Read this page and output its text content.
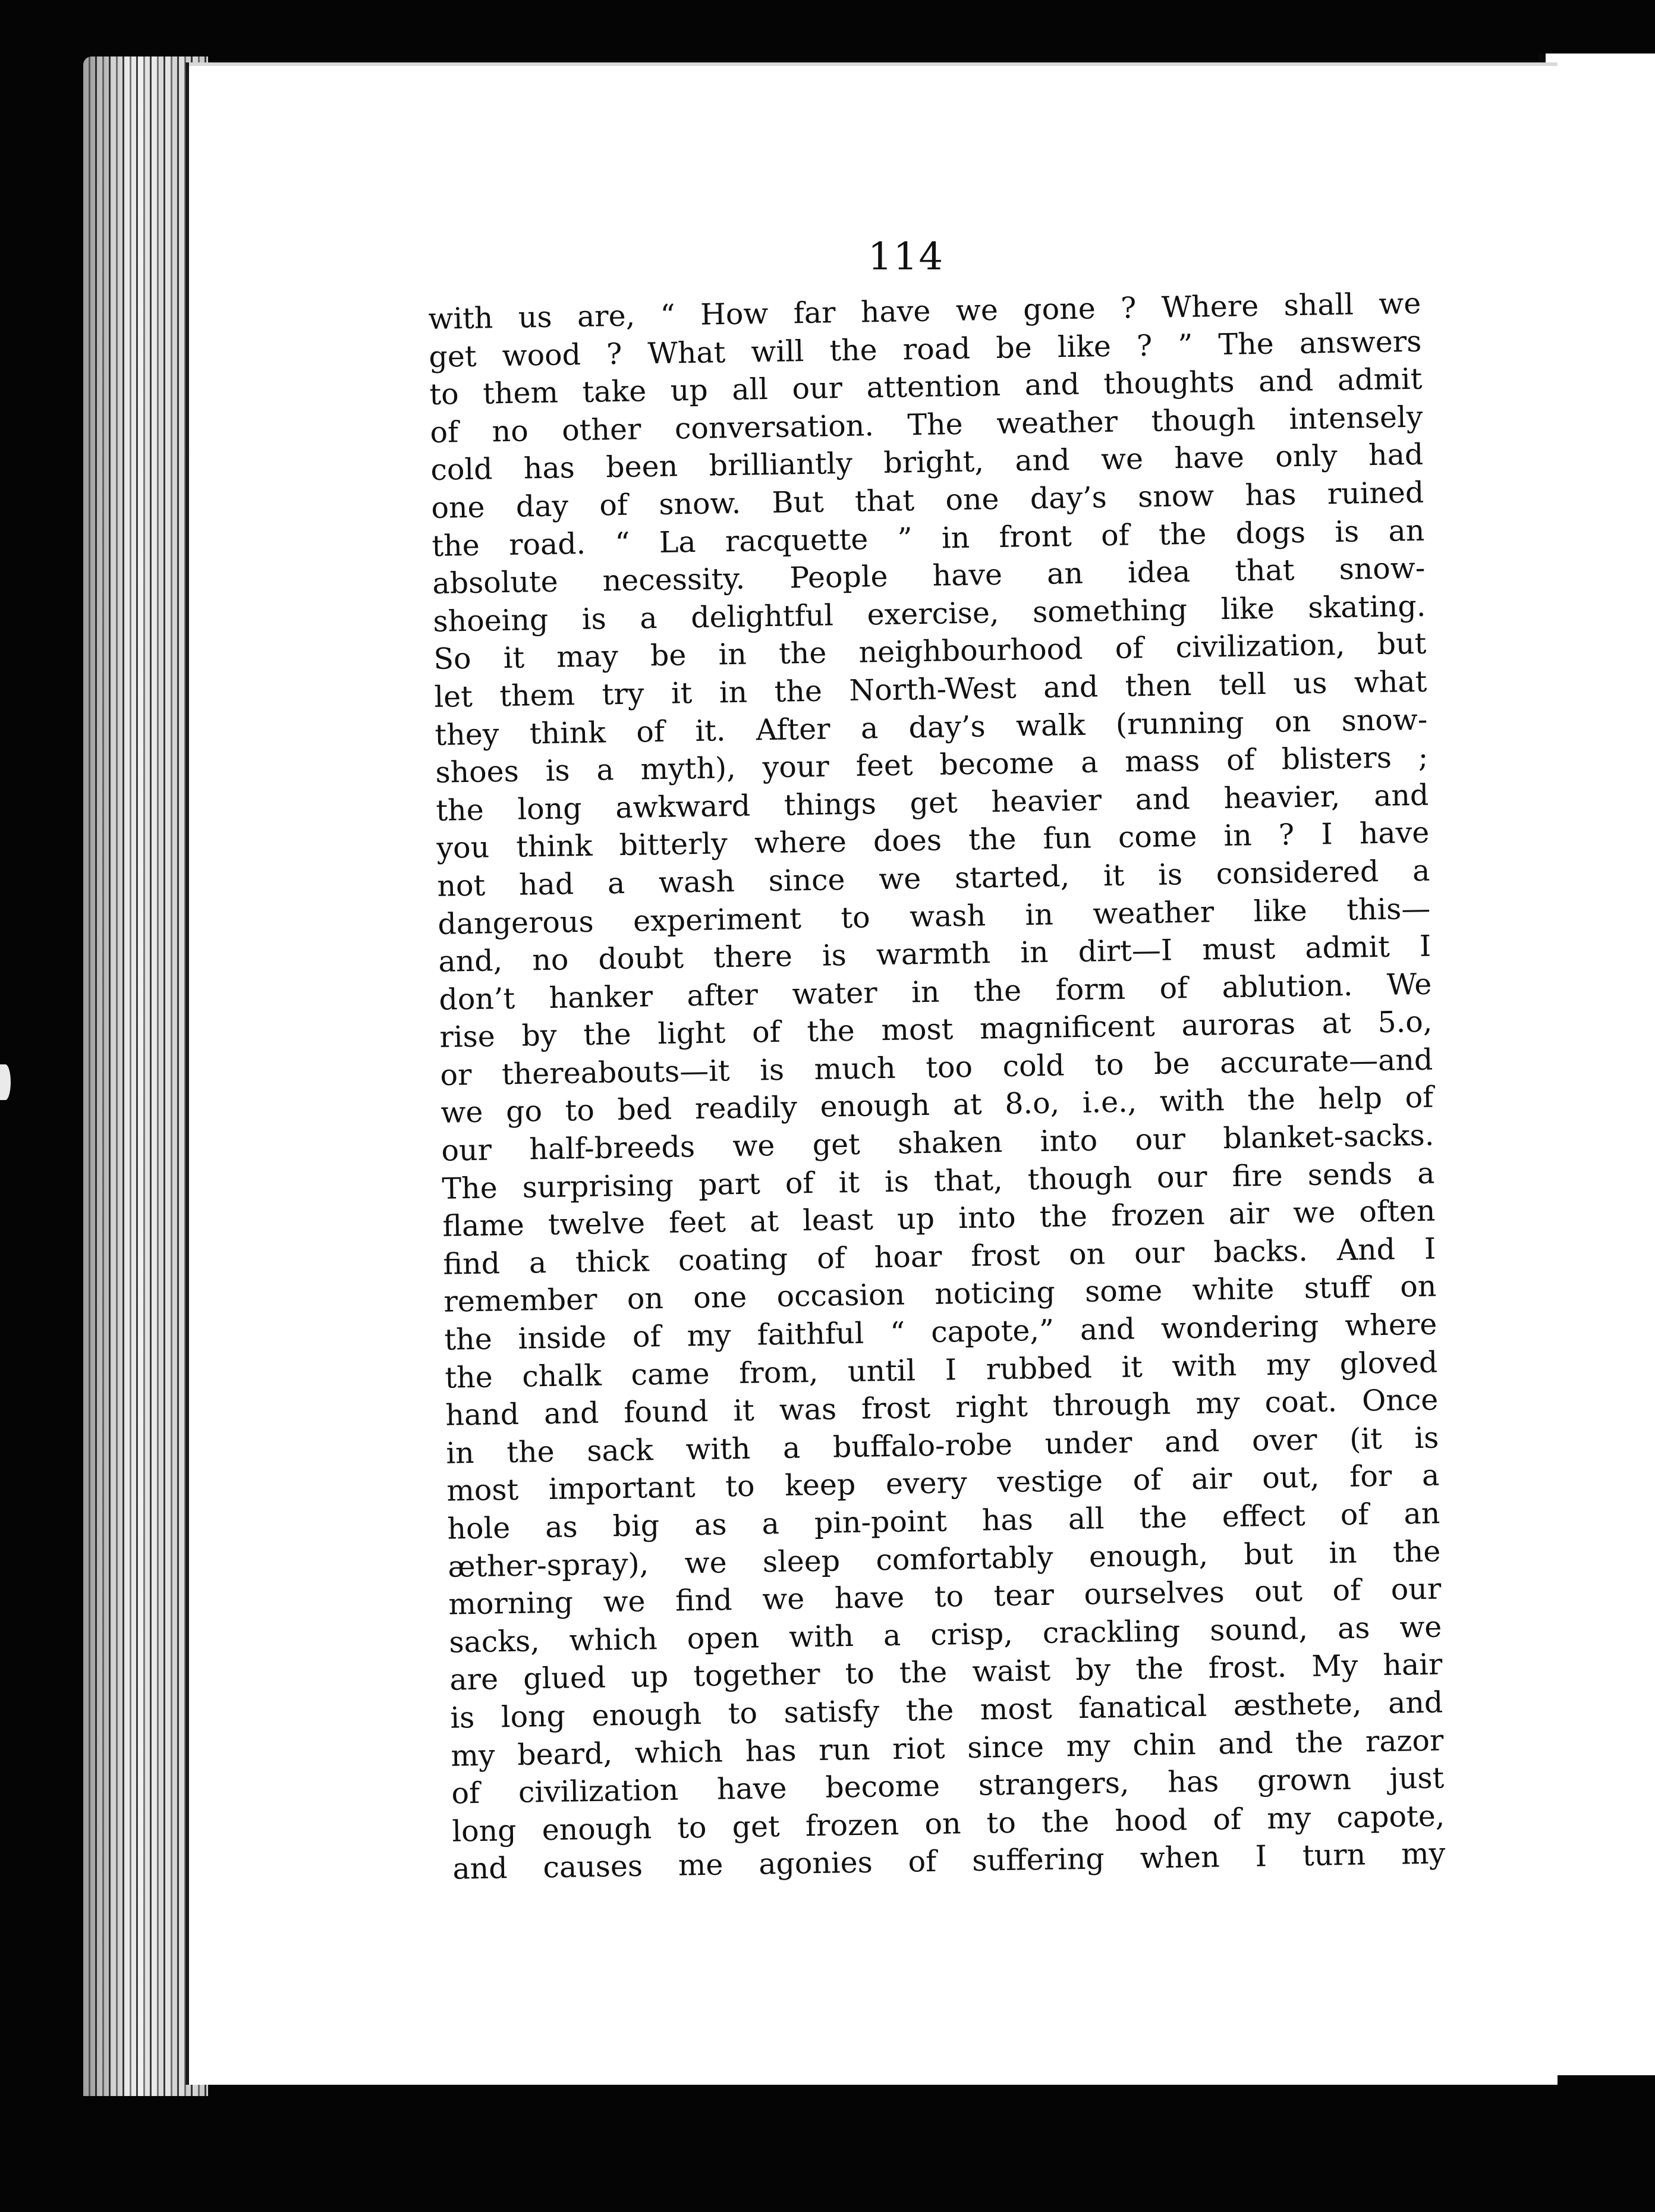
114
with us are, “ How far have we gone ? Where shall we
get wood ? What will the road be like ? ” The answers
to them take up all our attention and thoughts and admit
of no other conversation. The weather though intensely
cold has been brilliantly bright, and we have only had
one day of snow. But that one day’s snow has ruined
the road. “ La racquette ” in front of the dogs is an
absolute necessity. People have an idea that snow-
shoeing is a delightful exercise, something like skating.
So it may be in the neighbourhood of civilization, but
let them try it in the North-West and then tell us what
they think of it. After a day’s walk (running on snow-
shoes is a myth), your feet become a mass of blisters ;
the long awkward things get heavier and heavier, and
you think bitterly where does the fun come in ? I have
not had a wash since we started, it is considered a
dangerous experiment to wash in weather like this—
and, no doubt there is warmth in dirt—I must admit I
don’t hanker after water in the form of ablution. We
rise by the light of the most magnificent auroras at 5.o,
or thereabouts—it is much too cold to be accurate—and
we go to bed readily enough at 8.o, i.e., with the help of
our half-breeds we get shaken into our blanket-sacks.
The surprising part of it is that, though our fire sends a
flame twelve feet at least up into the frozen air we often
find a thick coating of hoar frost on our backs. And I
remember on one occasion noticing some white stuff on
the inside of my faithful “ capote,” and wondering where
the chalk came from, until I rubbed it with my gloved
hand and found it was frost right through my coat. Once
in the sack with a buffalo-robe under and over (it is
most important to keep every vestige of air out, for a
hole as big as a pin-point has all the effect of an
æther-spray), we sleep comfortably enough, but in the
morning we find we have to tear ourselves out of our
sacks, which open with a crisp, crackling sound, as we
are glued up together to the waist by the frost. My hair
is long enough to satisfy the most fanatical æsthete, and
my beard, which has run riot since my chin and the razor
of civilization have become strangers, has grown just
long enough to get frozen on to the hood of my capote,
and causes me agonies of suffering when I turn my
